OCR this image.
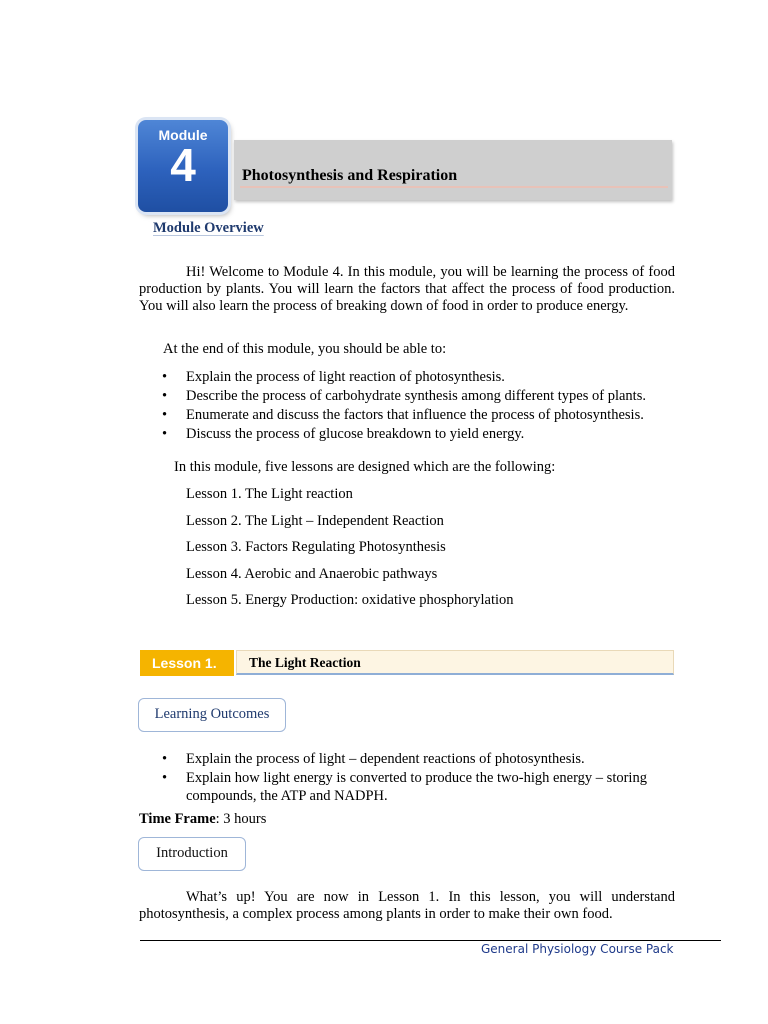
Module
4	Photosynthesis and Respiration
Module Overview
Hi! Welcome to Module 4. In this module, you will be learning the process of food production by plants. You will learn the factors that affect the process of food production. You will also learn the process of breaking down of food in order to produce energy.
At the end of this module, you should be able to:
• Explain the process of light reaction of photosynthesis.
• Describe the process of carbohydrate synthesis among different types of plants.
• Enumerate and discuss the factors that influence the process of photosynthesis.
• Discuss the process of glucose breakdown to yield energy.
In this module, five lessons are designed which are the following:
Lesson 1. The Light reaction
Lesson 2. The Light – Independent Reaction
Lesson 3. Factors Regulating Photosynthesis
Lesson 4. Aerobic and Anaerobic pathways
Lesson 5. Energy Production: oxidative phosphorylation
Lesson 1.	The Light Reaction
Learning Outcomes
• Explain the process of light – dependent reactions of photosynthesis.
• Explain how light energy is converted to produce the two-high energy – storing compounds, the ATP and NADPH.
Time Frame: 3 hours
Introduction
What’s up! You are now in Lesson 1. In this lesson, you will understand photosynthesis, a complex process among plants in order to make their own food.
General Physiology Course Pack
